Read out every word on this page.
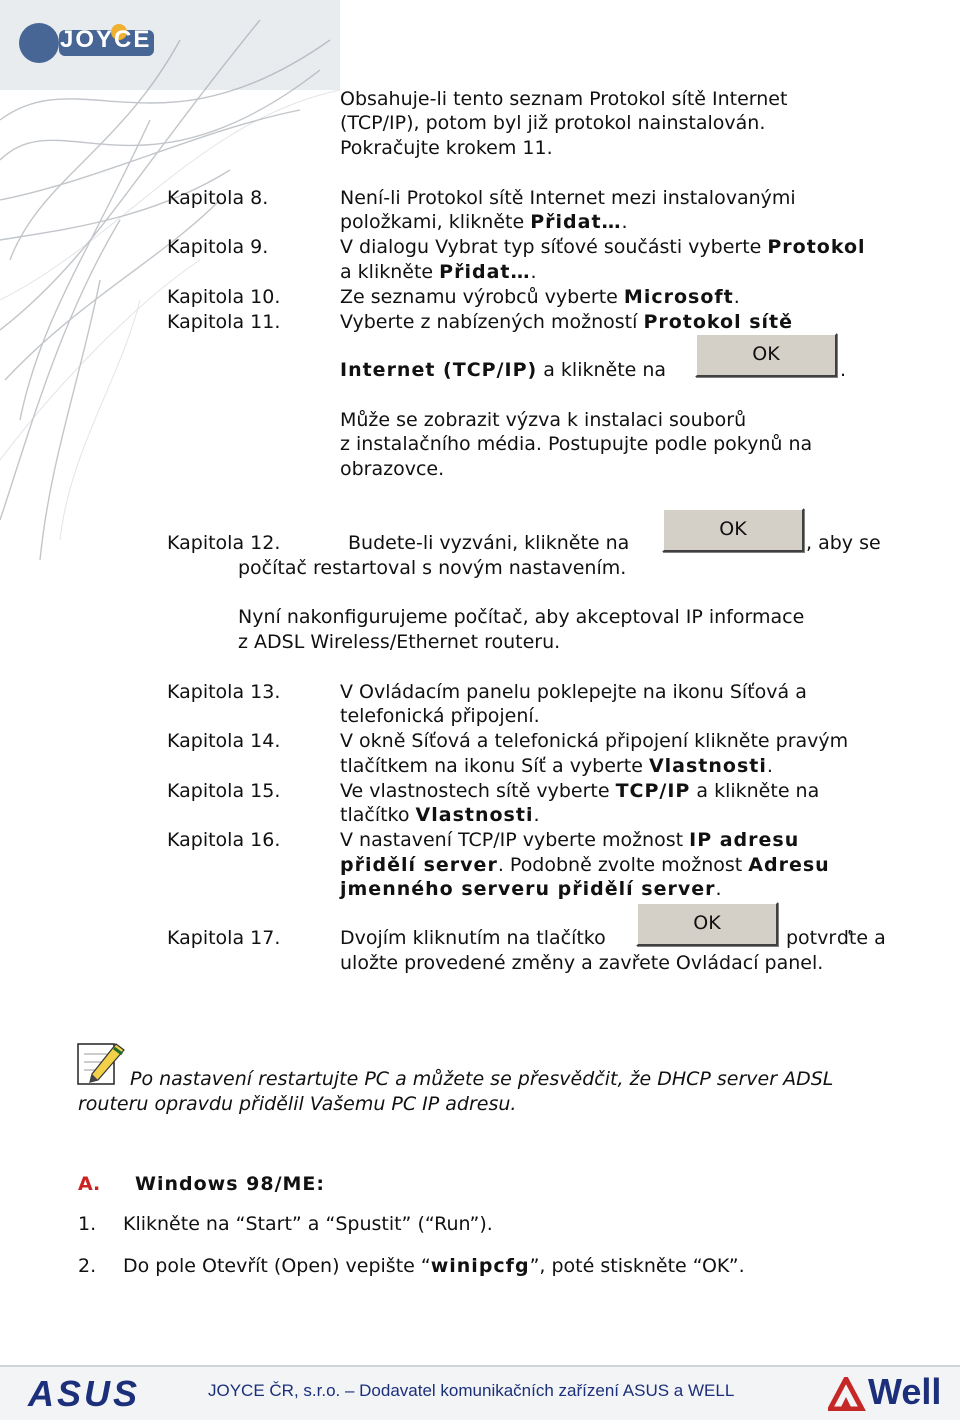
Obsahuje-li tento seznam Protokol sítě Internet
(TCP/IP), potom byl již protokol nainstalován.
Pokračujte krokem 11.
Kapitola 8.	Není-li Protokol sítě Internet mezi instalovanými
položkami, klikněte Přidat….
Kapitola 9.	V dialogu Vybrat typ síťové součásti vyberte Protokol
a klikněte Přidat….
Kapitola 10.	Ze seznamu výrobců vyberte Microsoft.
Kapitola 11.	Vyberte z nabízených možností Protokol sítě
Internet (TCP/IP) a klikněte na
OK
.
Může se zobrazit výzva k instalaci souborů
z instalačního média. Postupujte podle pokynů na
obrazovce.
Kapitola 12.	Budete-li vyzváni, klikněte na
OK
, aby se
počítač restartoval s novým nastavením.
Nyní nakonfigurujeme počítač, aby akceptoval IP informace
z ADSL Wireless/Ethernet routeru.
Kapitola 13.	V Ovládacím panelu poklepejte na ikonu Síťová a
telefonická připojení.
Kapitola 14.	V okně Síťová a telefonická připojení klikněte pravým
tlačítkem na ikonu Síť a vyberte Vlastnosti.
Kapitola 15.	Ve vlastnostech sítě vyberte TCP/IP a klikněte na
tlačítko Vlastnosti.
Kapitola 16.	V nastavení TCP/IP vyberte možnost IP adresu
přidělí server. Podobně zvolte možnost Adresu
jmenného serveru přidělí server.
Kapitola 17.	Dvojím kliknutím na tlačítko
OK
potvrďte a
uložte provedené změny a zavřete Ovládací panel.
Po nastavení restartujte PC a můžete se přesvědčit, že DHCP server ADSL
routeru opravdu přidělil Vašemu PC IP adresu.
A. Windows 98/ME:
1. Klikněte na “Start” a “Spustit” (“Run”).
2. Do pole Otevřít (Open) vepište “winipcfg”, poté stiskněte “OK”.
ASUS	JOYCE ČR, s.r.o. – Dodavatel komunikačních zařízení ASUS a WELL	Well
JOYCE
